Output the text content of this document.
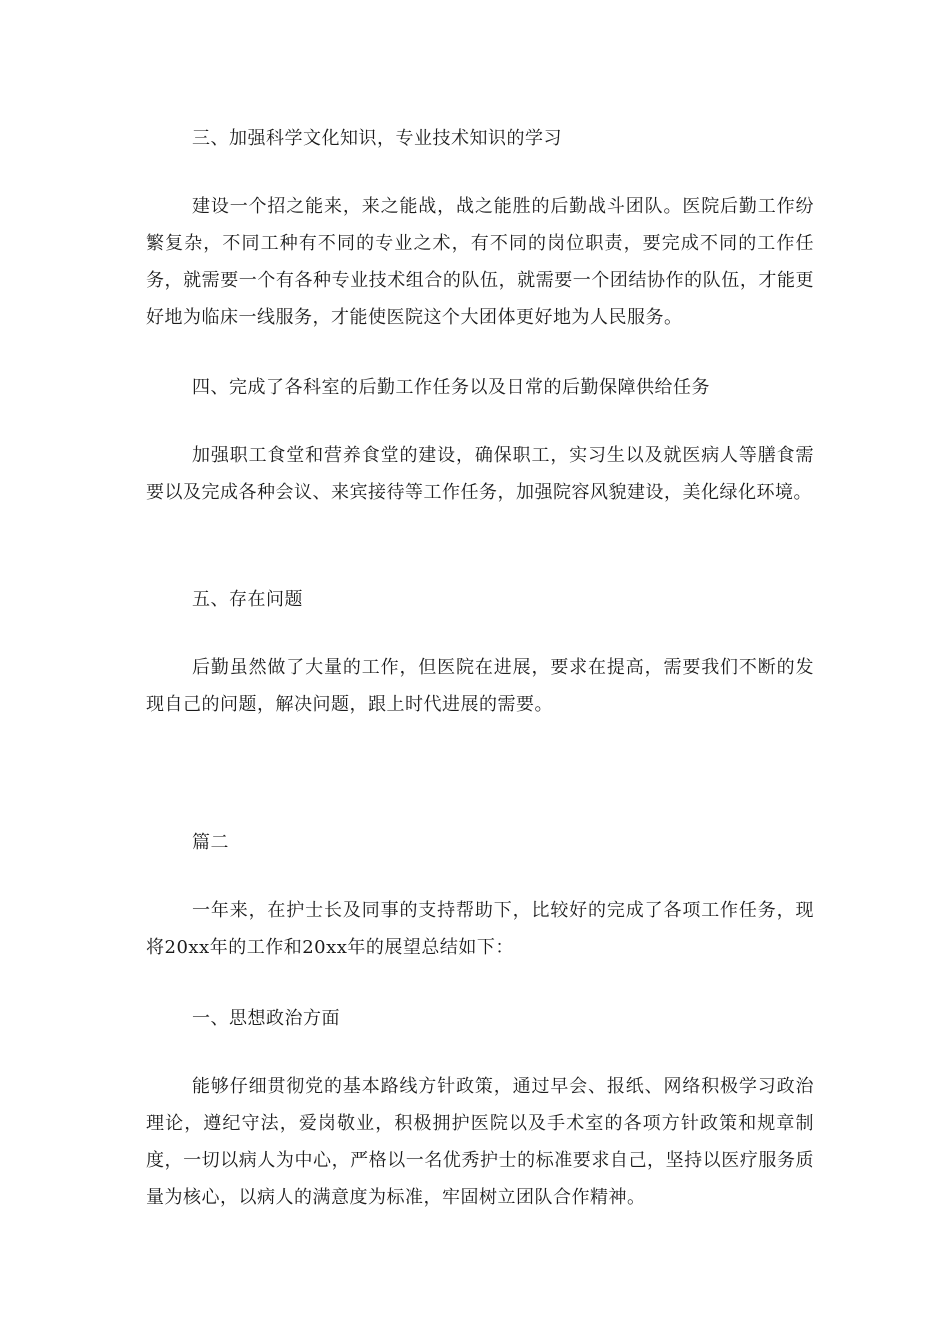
三、加强科学文化知识，专业技术知识的学习

建设一个招之能来，来之能战，战之能胜的后勤战斗团队。医院后勤工作纷繁复杂，不同工种有不同的专业之术，有不同的岗位职责，要完成不同的工作任务，就需要一个有各种专业技术组合的队伍，就需要一个团结协作的队伍，才能更好地为临床一线服务，才能使医院这个大团体更好地为人民服务。

四、完成了各科室的后勤工作任务以及日常的后勤保障供给任务

加强职工食堂和营养食堂的建设，确保职工，实习生以及就医病人等膳食需要以及完成各种会议、来宾接待等工作任务，加强院容风貌建设，美化绿化环境。

五、存在问题

后勤虽然做了大量的工作，但医院在进展，要求在提高，需要我们不断的发现自己的问题，解决问题，跟上时代进展的需要。

篇二

一年来，在护士长及同事的支持帮助下，比较好的完成了各项工作任务，现将20xx年的工作和20xx年的展望总结如下：

一、思想政治方面

能够仔细贯彻党的基本路线方针政策，通过早会、报纸、网络积极学习政治理论，遵纪守法，爱岗敬业，积极拥护医院以及手术室的各项方针政策和规章制度，一切以病人为中心，严格以一名优秀护士的标准要求自己，坚持以医疗服务质量为核心，以病人的满意度为标准，牢固树立团队合作精神。
